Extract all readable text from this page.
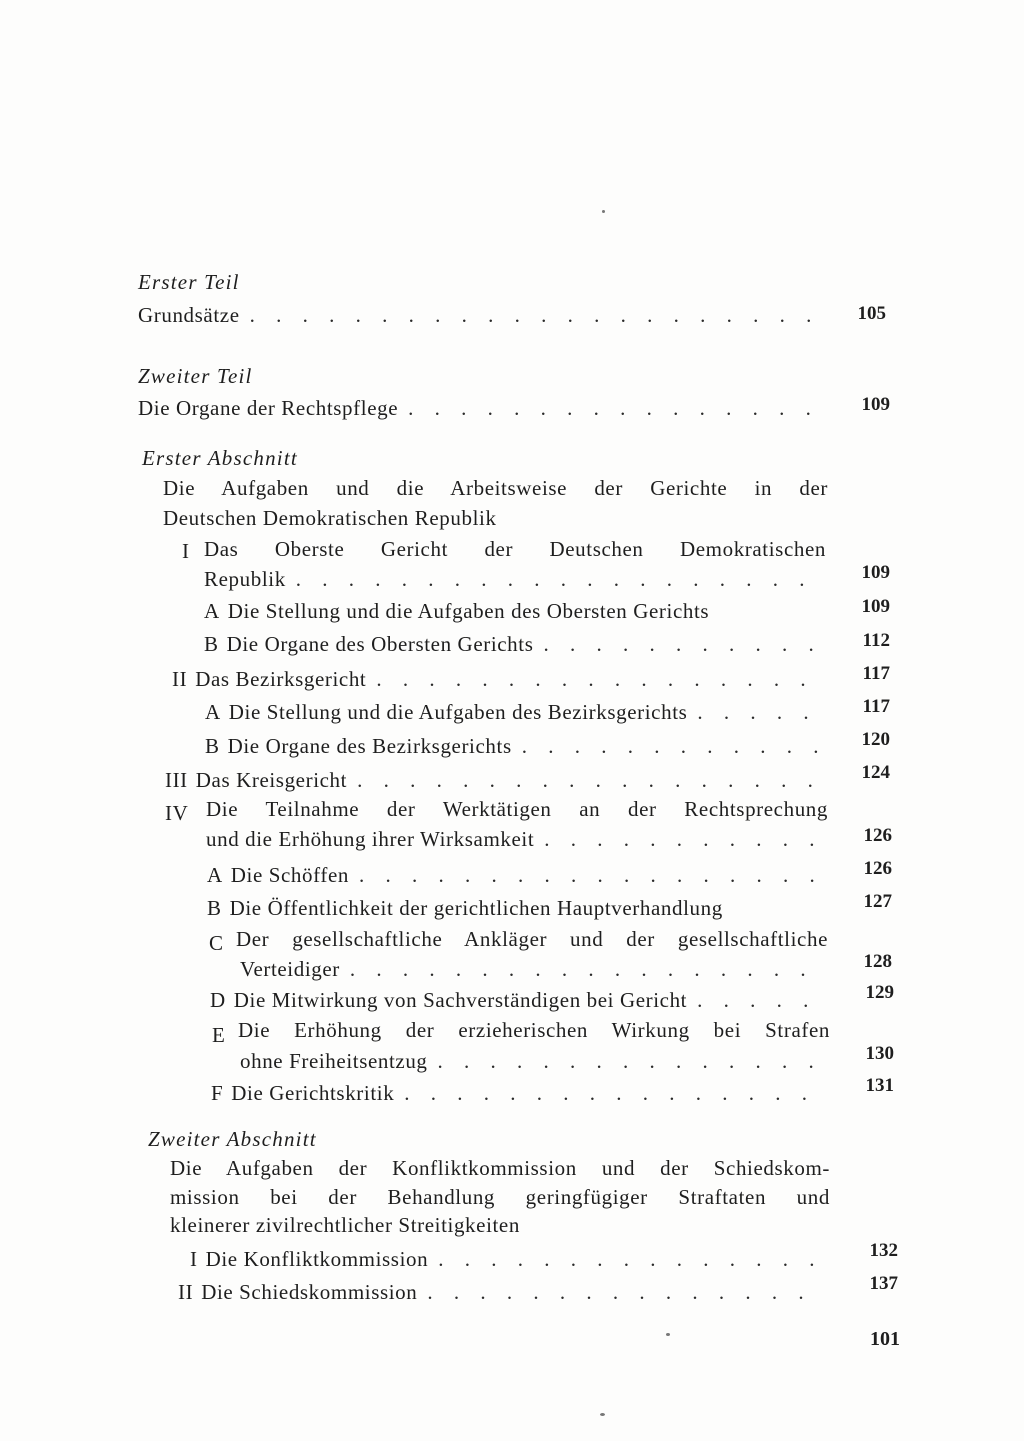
Erster Teil
Grundsätze . . .	105
Zweiter Teil
Die Organe der Rechtspflege . . .	109
Erster Abschnitt
Die Aufgaben und die Arbeitsweise der Gerichte in der
Deutschen Demokratischen Republik
I Das Oberste Gericht der Deutschen Demokratischen
Republik . . .	109
A Die Stellung und die Aufgaben des Obersten Gerichts	109
B Die Organe des Obersten Gerichts . . .	112
II Das Bezirksgericht . . .	117
A Die Stellung und die Aufgaben des Bezirksgerichts . . .	117
B Die Organe des Bezirksgerichts . . .	120
III Das Kreisgericht . . .	124
IV Die Teilnahme der Werktätigen an der Rechtsprechung
und die Erhöhung ihrer Wirksamkeit . . .	126
A Die Schöffen . . .	126
B Die Öffentlichkeit der gerichtlichen Hauptverhandlung	127
C Der gesellschaftliche Ankläger und der gesellschaftliche
Verteidiger . . .	128
D Die Mitwirkung von Sachverständigen bei Gericht . . .	129
E Die Erhöhung der erzieherischen Wirkung bei Strafen
ohne Freiheitsentzug . . .	130
F Die Gerichtskritik . . .	131
Zweiter Abschnitt
Die Aufgaben der Konfliktkommission und der Schiedskom-
mission bei der Behandlung geringfügiger Straftaten und
kleinerer zivilrechtlicher Streitigkeiten
I Die Konfliktkommission . . .	132
II Die Schiedskommission . . .	137
101
